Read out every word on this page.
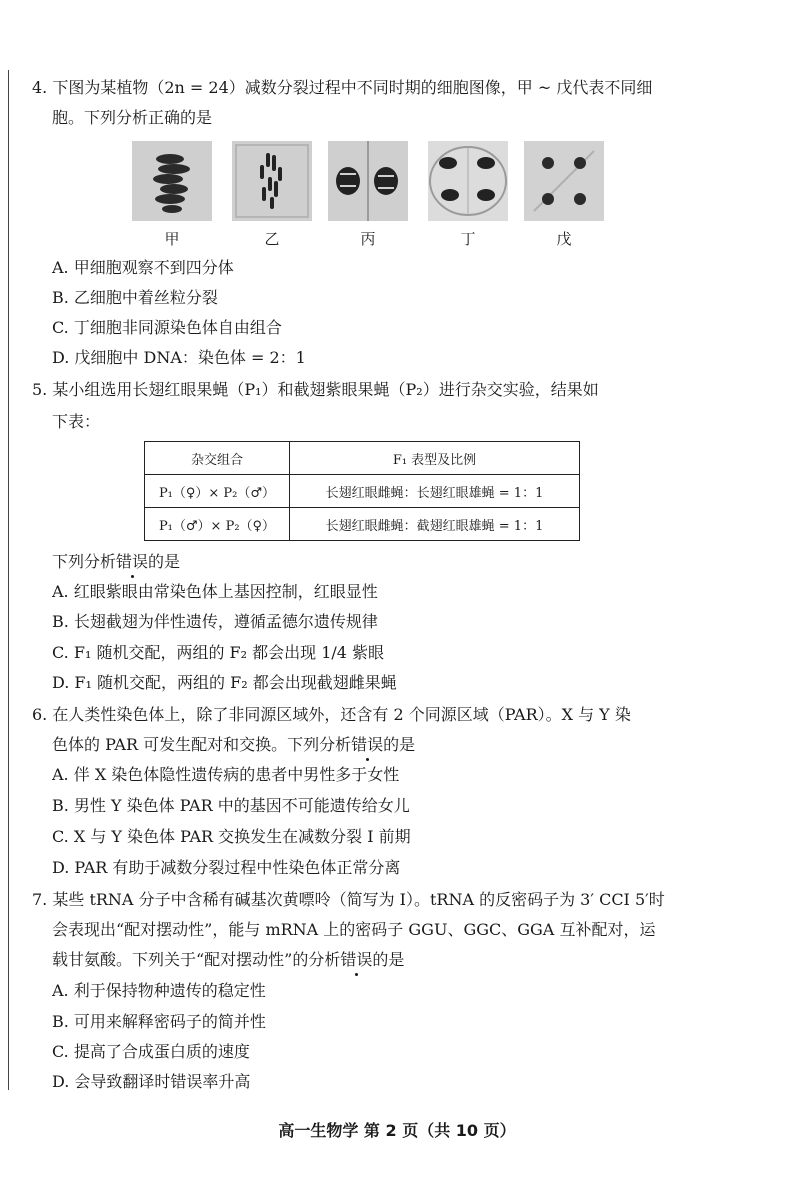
4. 下图为某植物（2n = 24）减数分裂过程中不同时期的细胞图像，甲 ~ 戊代表不同细
胞。下列分析正确的是
甲	乙	丙	丁	戊
A. 甲细胞观察不到四分体
B. 乙细胞中着丝粒分裂
C. 丁细胞非同源染色体自由组合
D. 戊细胞中 DNA：染色体 = 2：1
5. 某小组选用长翅红眼果蝇（P₁）和截翅紫眼果蝇（P₂）进行杂交实验，结果如
下表：
杂交组合	F₁ 表型及比例
P₁（♀）× P₂（♂）	长翅红眼雌蝇：长翅红眼雄蝇 = 1：1
P₁（♂）× P₂（♀）	长翅红眼雌蝇：截翅红眼雄蝇 = 1：1
下列分析错误的是
A. 红眼紫眼由常染色体上基因控制，红眼显性
B. 长翅截翅为伴性遗传，遵循孟德尔遗传规律
C. F₁ 随机交配，两组的 F₂ 都会出现 1/4 紫眼
D. F₁ 随机交配，两组的 F₂ 都会出现截翅雌果蝇
6. 在人类性染色体上，除了非同源区域外，还含有 2 个同源区域（PAR）。X 与 Y 染
色体的 PAR 可发生配对和交换。下列分析错误的是
A. 伴 X 染色体隐性遗传病的患者中男性多于女性
B. 男性 Y 染色体 PAR 中的基因不可能遗传给女儿
C. X 与 Y 染色体 PAR 交换发生在减数分裂 Ⅰ 前期
D. PAR 有助于减数分裂过程中性染色体正常分离
7. 某些 tRNA 分子中含稀有碱基次黄嘌呤（简写为 I）。tRNA 的反密码子为 3′ CCI 5′时
会表现出“配对摆动性”，能与 mRNA 上的密码子 GGU、GGC、GGA 互补配对，运
载甘氨酸。下列关于“配对摆动性”的分析错误的是
A. 利于保持物种遗传的稳定性
B. 可用来解释密码子的简并性
C. 提高了合成蛋白质的速度
D. 会导致翻译时错误率升高
高一生物学 第 2 页（共 10 页）
